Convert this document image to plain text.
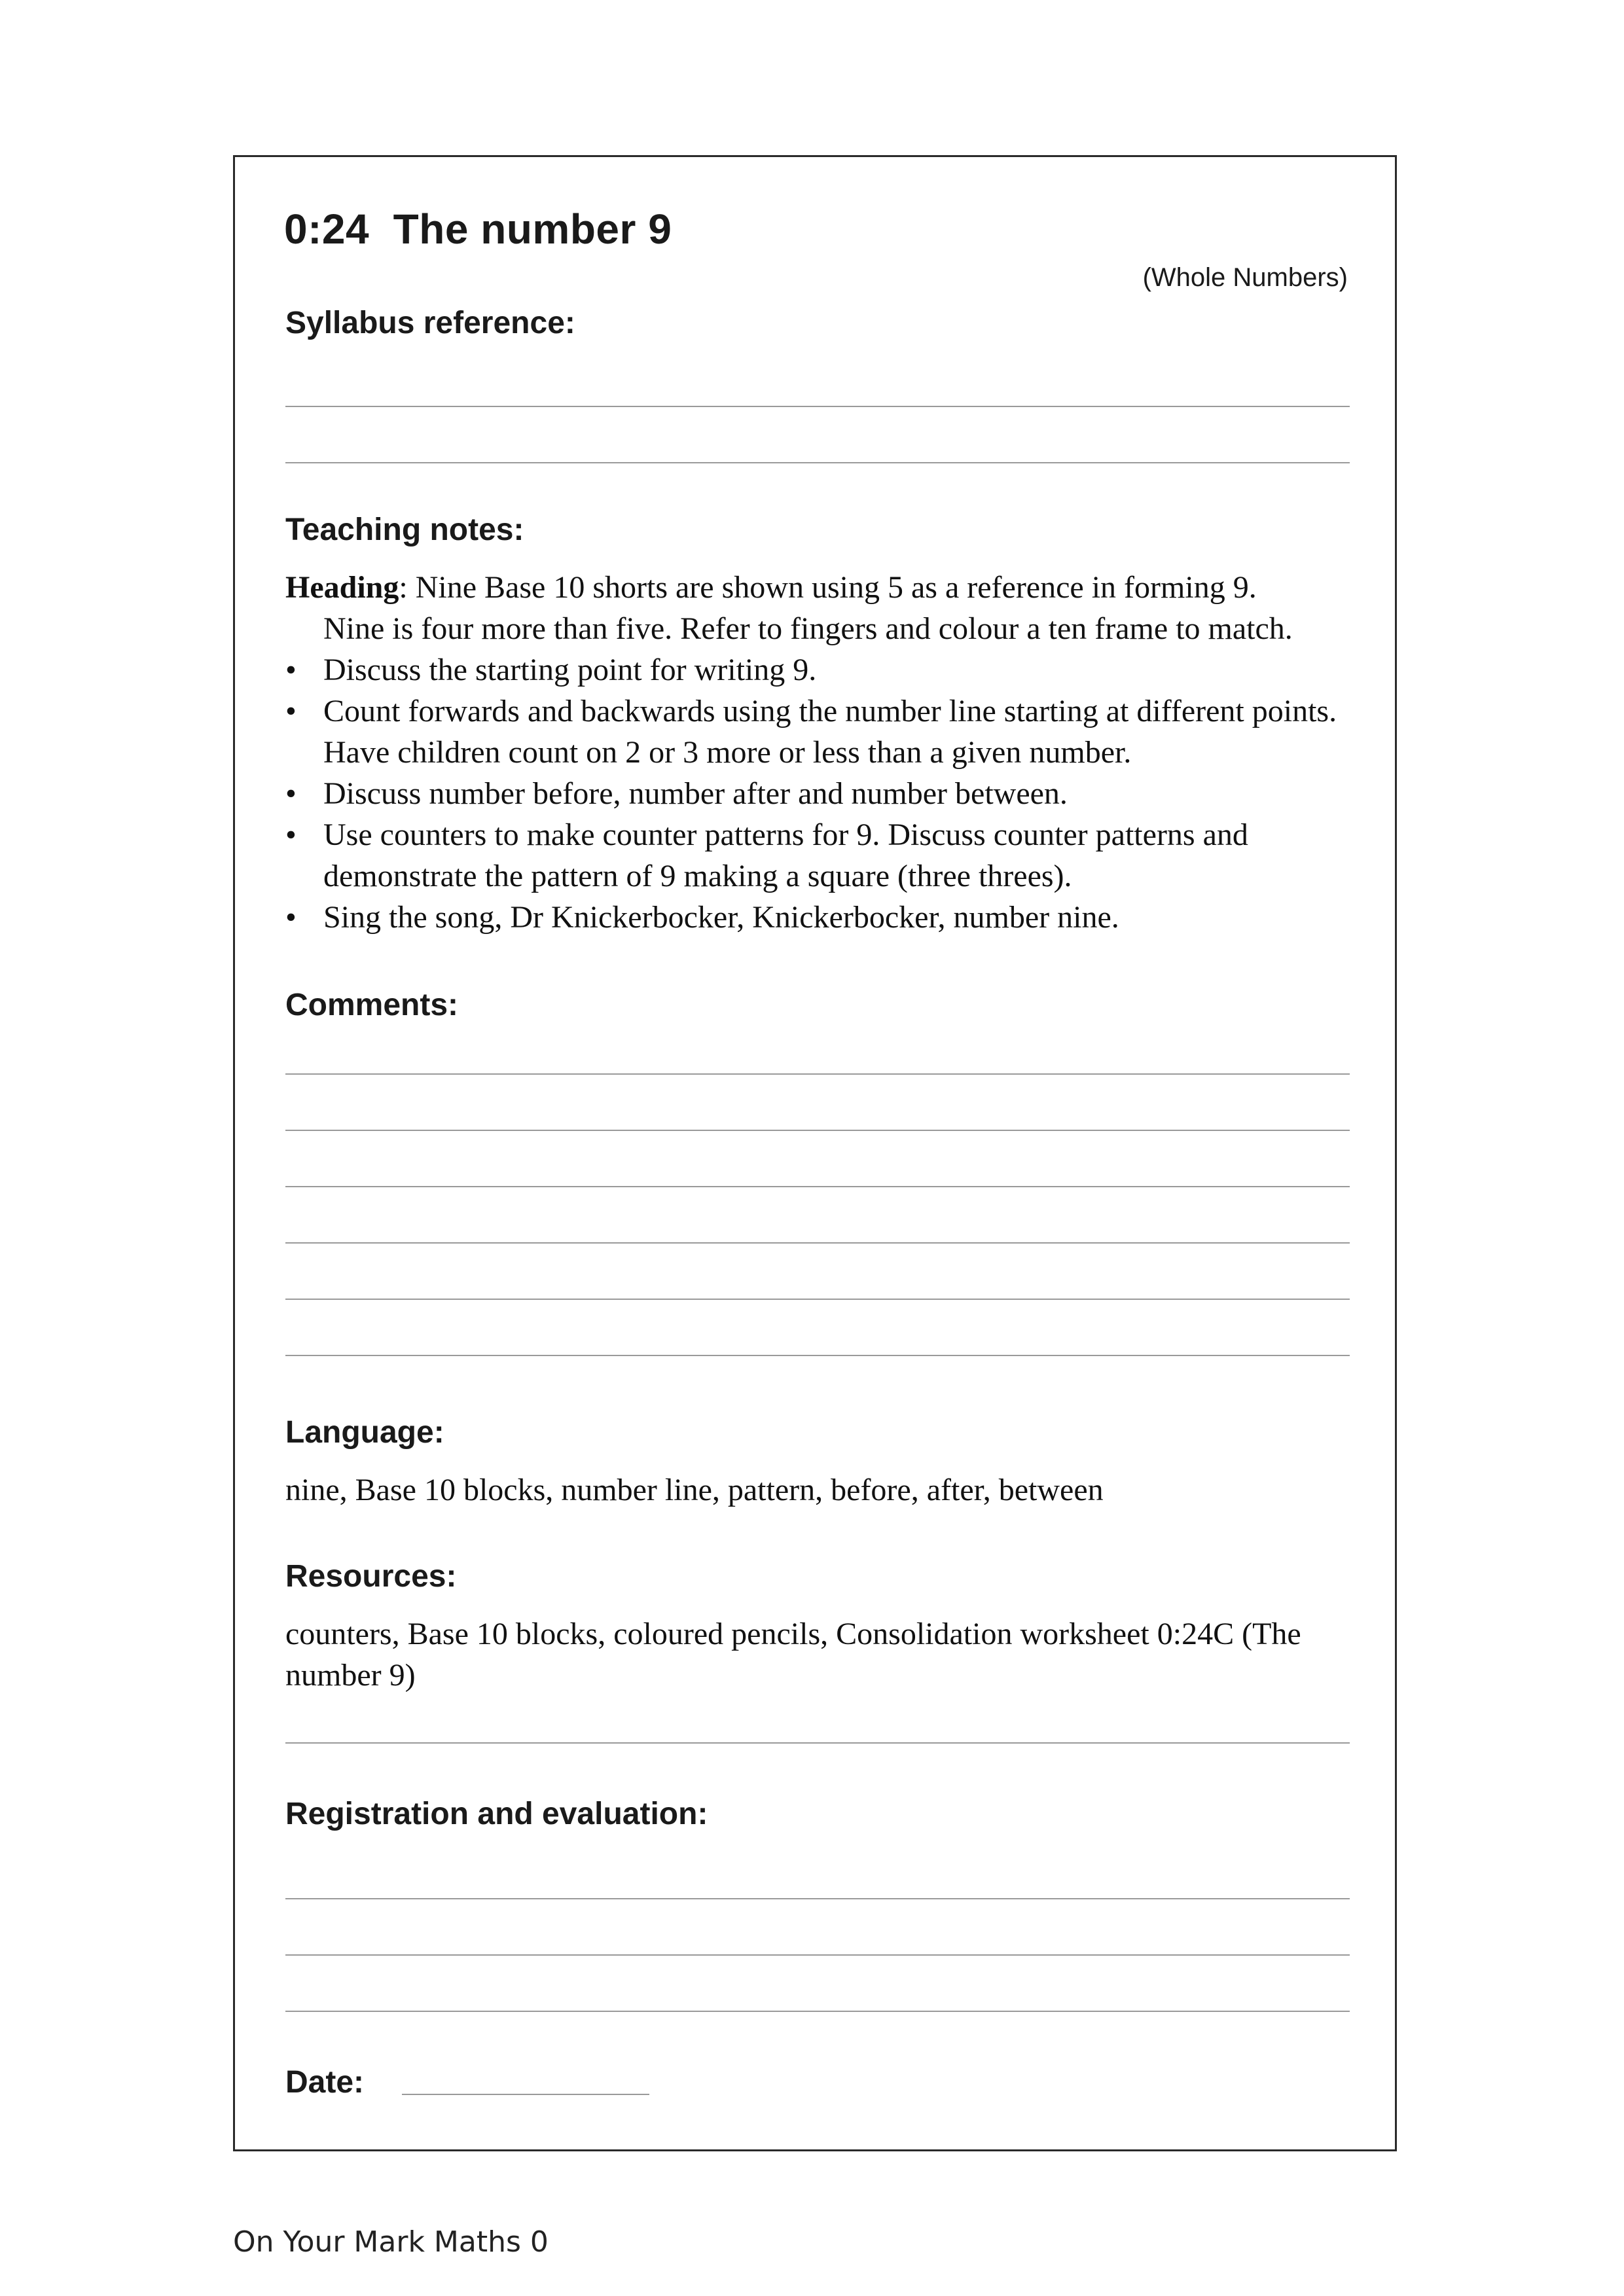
0:24  The number 9
(Whole Numbers)
Syllabus reference:
Teaching notes:

Heading: Nine Base 10 shorts are shown using 5 as a reference in forming 9.

Nine is four more than five. Refer to fingers and colour a ten frame to match.

• Discuss the starting point for writing 9.
• Count forwards and backwards using the number line starting at different points. Have children count on 2 or 3 more or less than a given number.
• Discuss number before, number after and number between.
• Use counters to make counter patterns for 9. Discuss counter patterns and demonstrate the pattern of 9 making a square (three threes).
• Sing the song, Dr Knickerbocker, Knickerbocker, number nine.
Comments:
Language:
nine, Base 10 blocks, number line, pattern, before, after, between
Resources:
counters, Base 10 blocks, coloured pencils, Consolidation worksheet 0:24C (The number 9)
Registration and evaluation:
Date:
On Your Mark Maths 0
